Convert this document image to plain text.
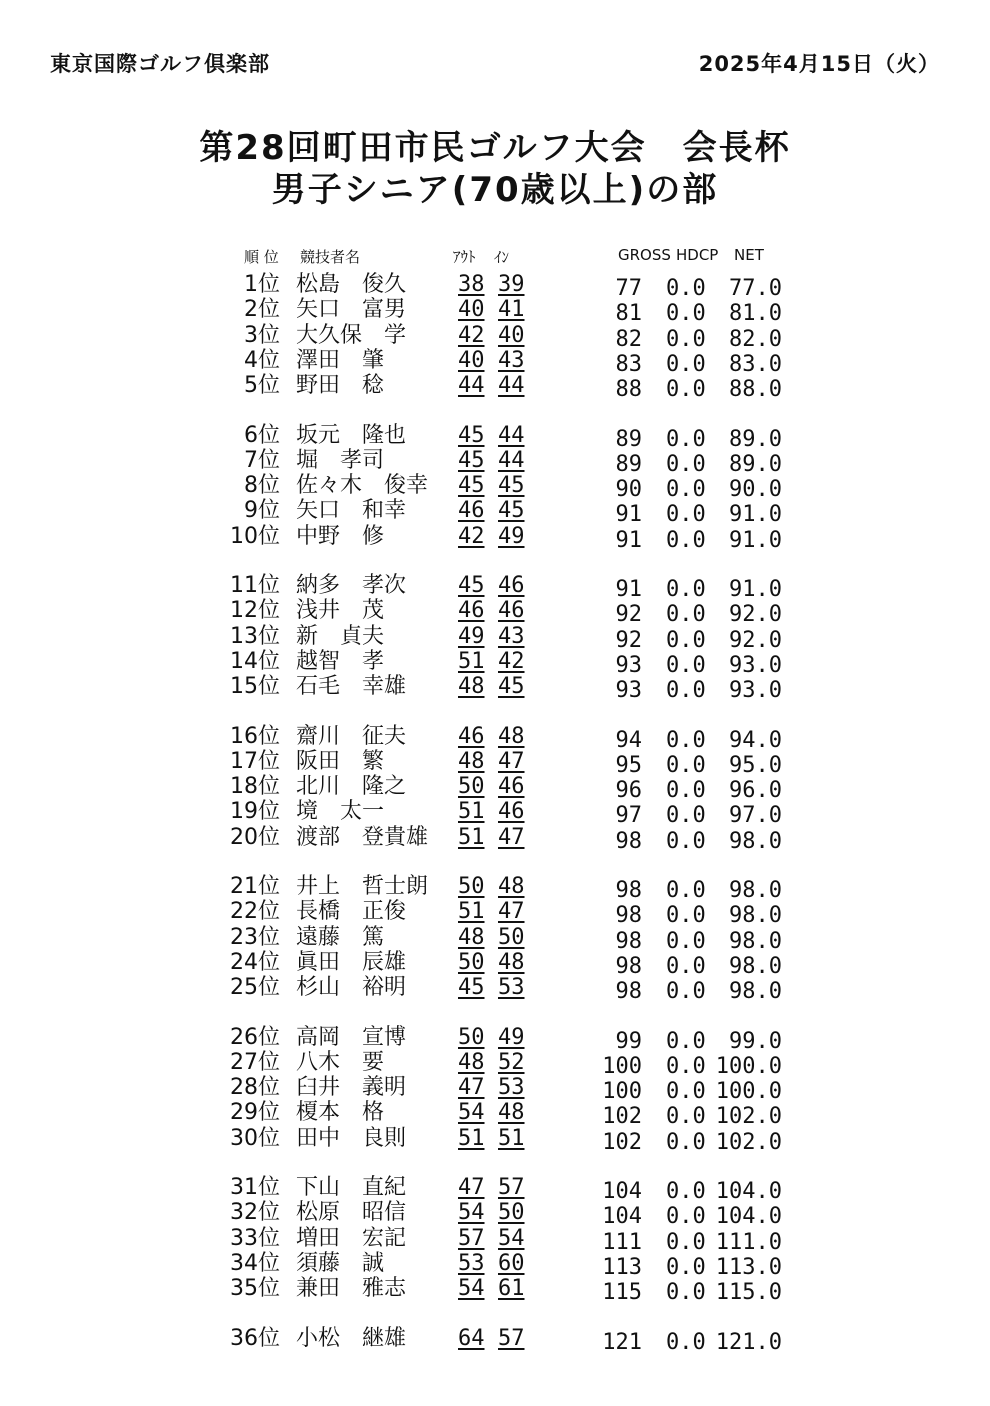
東京国際ゴルフ倶楽部	2025年4月15日（火）
第28回町田市民ゴルフ大会　会長杯
男子シニア(70歳以上)の部
順 位 競技者名	ｱｳﾄ ｲﾝ	GROSS HDCP NET
1位 松島　俊久 38 39	77 0.0 77.0
2位 矢口　富男 40 41	81 0.0 81.0
3位 大久保　学 42 40	82 0.0 82.0
4位 澤田　肇	40 43	83 0.0 83.0
5位 野田　稔	44 44	88 0.0 88.0
6位 坂元　隆也 45 44	89 0.0 89.0
7位 堀　孝司	45 44	89 0.0 89.0
8位 佐々木　俊幸 45 45	90 0.0 90.0
9位 矢口　和幸 46 45	91 0.0 91.0
10位 中野　修	42 49	91 0.0 91.0
11位 納多　孝次 45 46	91 0.0 91.0
12位 浅井　茂	46 46	92 0.0 92.0
13位 新　貞夫	49 43	92 0.0 92.0
14位 越智　孝	51 42	93 0.0 93.0
15位 石毛　幸雄 48 45	93 0.0 93.0
16位 齋川　征夫 46 48	94 0.0 94.0
17位 阪田　繁	48 47	95 0.0 95.0
18位 北川　隆之 50 46	96 0.0 96.0
19位 境　太一	51 46	97 0.0 97.0
20位 渡部　登貴雄 51 47	98 0.0 98.0
21位 井上　哲士朗 50 48	98 0.0 98.0
22位 長橋　正俊 51 47	98 0.0 98.0
23位 遠藤　篤	48 50	98 0.0 98.0
24位 眞田　辰雄 50 48	98 0.0 98.0
25位 杉山　裕明 45 53	98 0.0 98.0
26位 高岡　宣博 50 49	99 0.0 99.0
27位 八木　要	48 52	100 0.0 100.0
28位 臼井　義明 47 53	100 0.0 100.0
29位 榎本　格	54 48	102 0.0 102.0
30位 田中　良則 51 51	102 0.0 102.0
31位 下山　直紀 47 57	104 0.0 104.0
32位 松原　昭信 54 50	104 0.0 104.0
33位 増田　宏記 57 54	111 0.0 111.0
34位 須藤　誠	53 60	113 0.0 113.0
35位 兼田　雅志 54 61	115 0.0 115.0
36位 小松　継雄 64 57	121 0.0 121.0
